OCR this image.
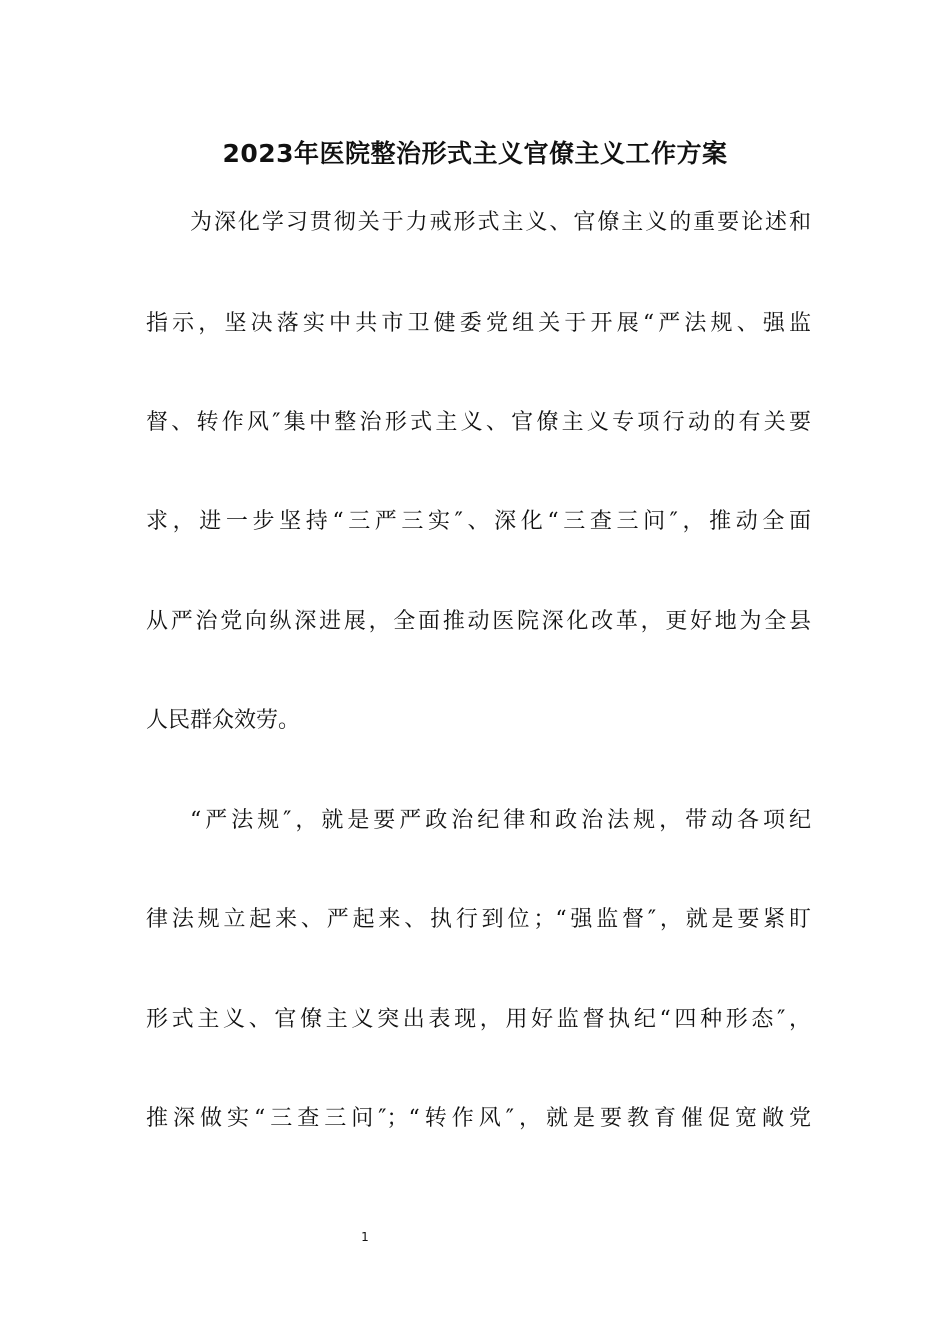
2023年医院整治形式主义官僚主义工作方案
为深化学习贯彻关于力戒形式主义、官僚主义的重要论述和
指示，坚决落实中共市卫健委党组关于开展“严法规、强监
督、转作风″集中整治形式主义、官僚主义专项行动的有关要
求，进一步坚持“三严三实″、深化“三查三问″，推动全面
从严治党向纵深进展，全面推动医院深化改革，更好地为全县
人民群众效劳。
“严法规″，就是要严政治纪律和政治法规，带动各项纪
律法规立起来、严起来、执行到位；“强监督″，就是要紧盯
形式主义、官僚主义突出表现，用好监督执纪“四种形态″，
推深做实“三查三问″；“转作风″，就是要教育催促宽敞党
1
